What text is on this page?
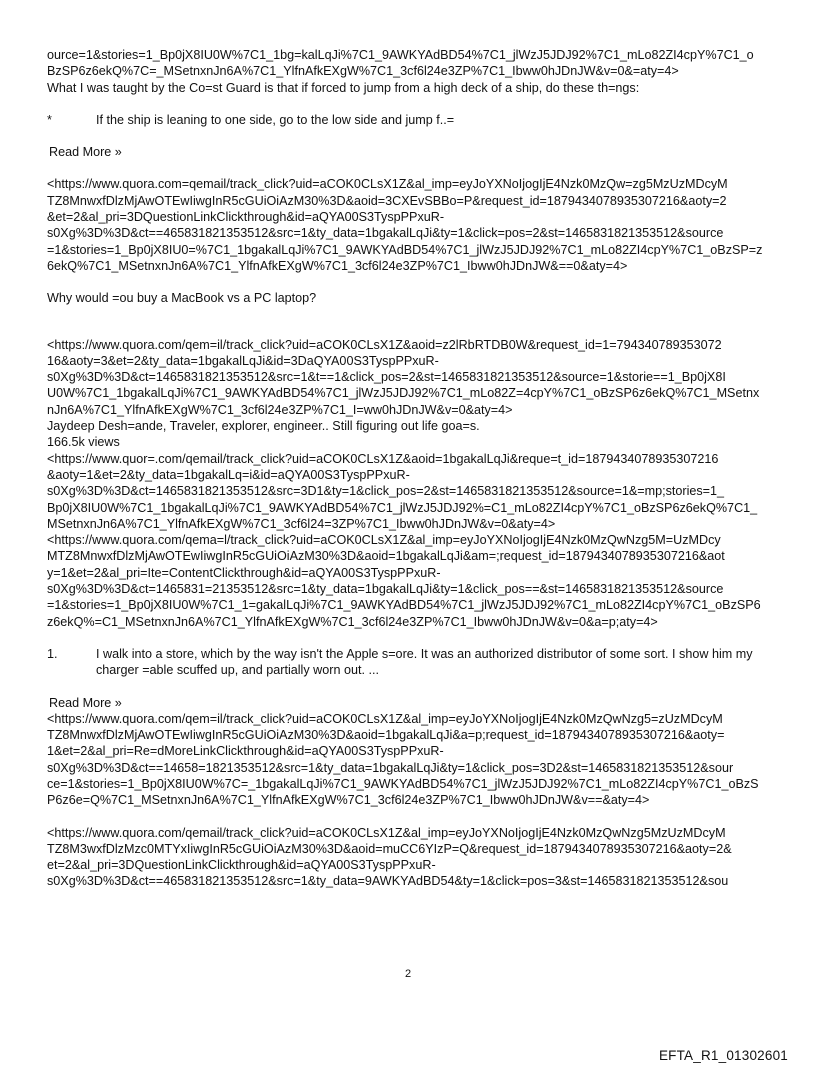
ource=1&stories=1_Bp0jX8IU0W%7C1_1bg=kalLqJi%7C1_9AWKYAdBD54%7C1_jlWzJ5JDJ92%7C1_mLo82ZI4cpY%7C1_o
BzSP6z6ekQ%7C=_MSetnxnJn6A%7C1_YlfnAfkEXgW%7C1_3cf6l24e3ZP%7C1_Ibww0hJDnJW&v=0&=aty=4>
What I was taught by the Co=st Guard is that if forced to jump from a high deck of a ship, do these th=ngs:
*	If the ship is leaning to one side, go to the low side and jump f..=
Read More »
<https://www.quora.com=qemail/track_click?uid=aCOK0CLsX1Z&al_imp=eyJoYXNoIjogIjE4Nzk0MzQw=zg5MzUzMDcyM
TZ8MnwxfDlzMjAwOTEwIiwgInR5cGUiOiAzM30%3D&aoid=3CXEvSBBo=P&request_id=1879434078935307216&aoty=2
&et=2&al_pri=3DQuestionLinkClickthrough&id=aQYA00S3TyspPPxuR-
s0Xg%3D%3D&ct==465831821353512&src=1&ty_data=1bgakalLqJi&ty=1&click=pos=2&st=1465831821353512&source
=1&stories=1_Bp0jX8IU0=%7C1_1bgakalLqJi%7C1_9AWKYAdBD54%7C1_jlWzJ5JDJ92%7C1_mLo82ZI4cpY%7C1_oBzSP=z
6ekQ%7C1_MSetnxnJn6A%7C1_YlfnAfkEXgW%7C1_3cf6l24e3ZP%7C1_Ibww0hJDnJW&==0&aty=4>
Why would =ou buy a MacBook vs a PC laptop?
<https://www.quora.com/qem=il/track_click?uid=aCOK0CLsX1Z&aoid=z2lRbRTDB0W&request_id=1=794340789353072
16&aoty=3&et=2&ty_data=1bgakalLqJi&id=3DaQYA00S3TyspPPxuR-
s0Xg%3D%3D&ct=1465831821353512&src=1&t==1&click_pos=2&st=1465831821353512&source=1&storie==1_Bp0jX8I
U0W%7C1_1bgakalLqJi%7C1_9AWKYAdBD54%7C1_jlWzJ5JDJ92%7C1_mLo82Z=4cpY%7C1_oBzSP6z6ekQ%7C1_MSetnx
nJn6A%7C1_YlfnAfkEXgW%7C1_3cf6l24e3ZP%7C1_I=ww0hJDnJW&v=0&aty=4>
Jaydeep Desh=ande, Traveler, explorer, engineer.. Still figuring out life goa=s.
166.5k views
<https://www.quor=.com/qemail/track_click?uid=aCOK0CLsX1Z&aoid=1bgakalLqJi&reque=t_id=1879434078935307216
&aoty=1&et=2&ty_data=1bgakalLq=i&id=aQYA00S3TyspPPxuR-
s0Xg%3D%3D&ct=1465831821353512&src=3D1&ty=1&click_pos=2&st=1465831821353512&source=1&=mp;stories=1_
Bp0jX8IU0W%7C1_1bgakalLqJi%7C1_9AWKYAdBD54%7C1_jlWzJ5JDJ92%=C1_mLo82ZI4cpY%7C1_oBzSP6z6ekQ%7C1_
MSetnxnJn6A%7C1_YlfnAfkEXgW%7C1_3cf6l24=3ZP%7C1_Ibww0hJDnJW&v=0&aty=4>
<https://www.quora.com/qema=l/track_click?uid=aCOK0CLsX1Z&al_imp=eyJoYXNoIjogIjE4Nzk0MzQwNzg5M=UzMDcy
MTZ8MnwxfDlzMjAwOTEwIiwgInR5cGUiOiAzM30%3D&aoid=1bgakalLqJi&am=;request_id=1879434078935307216&aot
y=1&et=2&al_pri=Ite=ContentClickthrough&id=aQYA00S3TyspPPxuR-
s0Xg%3D%3D&ct=1465831=21353512&src=1&ty_data=1bgakalLqJi&ty=1&click_pos==&st=1465831821353512&source
=1&stories=1_Bp0jX8IU0W%7C1_1=gakalLqJi%7C1_9AWKYAdBD54%7C1_jlWzJ5JDJ92%7C1_mLo82ZI4cpY%7C1_oBzSP6
z6ekQ%=C1_MSetnxnJn6A%7C1_YlfnAfkEXgW%7C1_3cf6l24e3ZP%7C1_Ibww0hJDnJW&v=0&a=p;aty=4>
1.	I walk into a store, which by the way isn't the Apple s=ore. It was an authorized distributor of some sort. I show him my charger =able scuffed up, and partially worn out. ...
Read More »
<https://www.quora.com/qem=il/track_click?uid=aCOK0CLsX1Z&al_imp=eyJoYXNoIjogIjE4Nzk0MzQwNzg5=zUzMDcyM
TZ8MnwxfDlzMjAwOTEwIiwgInR5cGUiOiAzM30%3D&aoid=1bgakalLqJi&a=p;request_id=1879434078935307216&aoty=
1&et=2&al_pri=Re=dMoreLinkClickthrough&id=aQYA00S3TyspPPxuR-
s0Xg%3D%3D&ct==14658=1821353512&src=1&ty_data=1bgakalLqJi&ty=1&click_pos=3D2&st=1465831821353512&sour
ce=1&stories=1_Bp0jX8IU0W%7C=_1bgakalLqJi%7C1_9AWKYAdBD54%7C1_jlWzJ5JDJ92%7C1_mLo82ZI4cpY%7C1_oBzS
P6z6e=Q%7C1_MSetnxnJn6A%7C1_YlfnAfkEXgW%7C1_3cf6l24e3ZP%7C1_Ibww0hJDnJW&v==&aty=4>
<https://www.quora.com/qemail/track_click?uid=aCOK0CLsX1Z&al_imp=eyJoYXNoIjogIjE4Nzk0MzQwNzg5MzUzMDcyM
TZ8M3wxfDlzMzc0MTYxIiwgInR5cGUiOiAzM30%3D&aoid=muCC6YIzP=Q&request_id=1879434078935307216&aoty=2&
et=2&al_pri=3DQuestionLinkClickthrough&id=aQYA00S3TyspPPxuR-
s0Xg%3D%3D&ct==465831821353512&src=1&ty_data=9AWKYAdBD54&ty=1&click=pos=3&st=1465831821353512&sou
2
EFTA_R1_01302601
